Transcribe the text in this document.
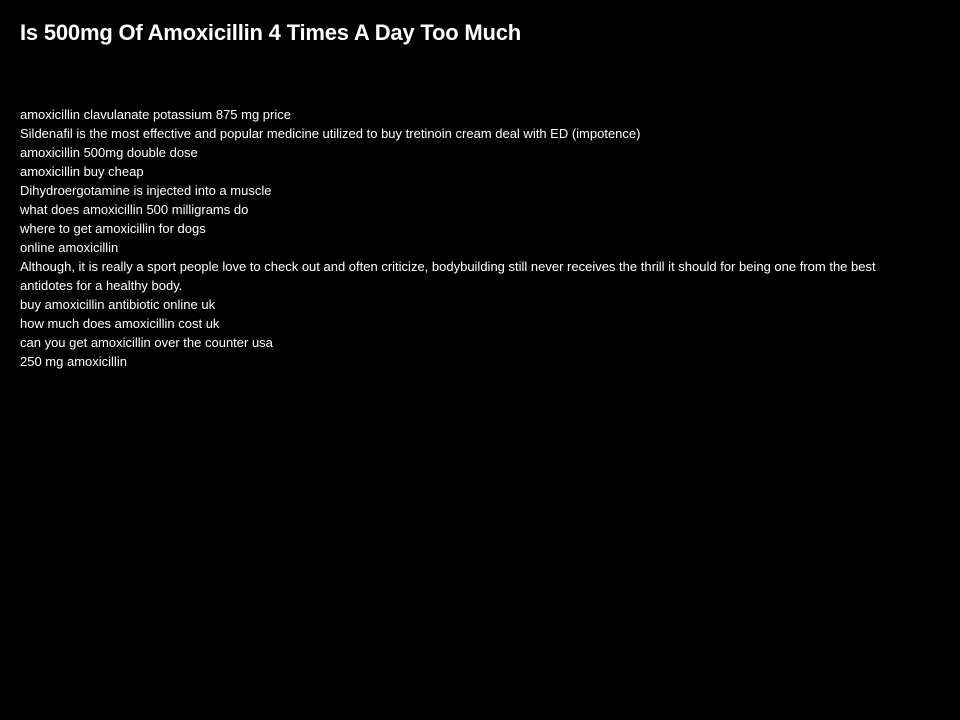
Is 500mg Of Amoxicillin 4 Times A Day Too Much
amoxicillin clavulanate potassium 875 mg price
Sildenafil is the most effective and popular medicine utilized to buy tretinoin cream deal with ED (impotence)
amoxicillin 500mg double dose
amoxicillin buy cheap
Dihydroergotamine is injected into a muscle
what does amoxicillin 500 milligrams do
where to get amoxicillin for dogs
online amoxicillin
Although, it is really a sport people love to check out and often criticize, bodybuilding still never receives the thrill it should for being one from the best antidotes for a healthy body.
buy amoxicillin antibiotic online uk
how much does amoxicillin cost uk
can you get amoxicillin over the counter usa
250 mg amoxicillin
